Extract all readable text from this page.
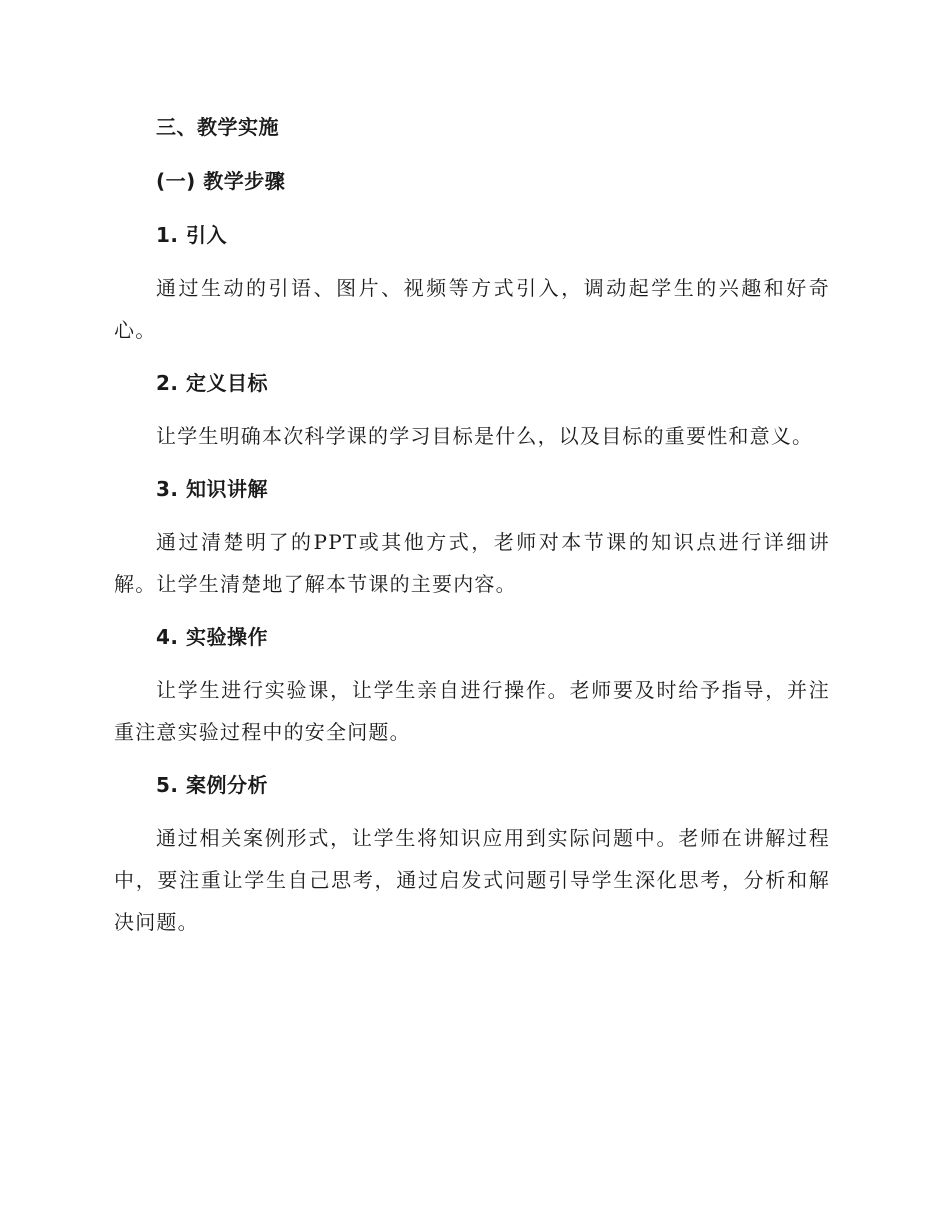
三、教学实施
(一) 教学步骤
1. 引入

通过生动的引语、图片、视频等方式引入，调动起学生的兴趣和好奇心。

2. 定义目标

让学生明确本次科学课的学习目标是什么，以及目标的重要性和意义。

3. 知识讲解

通过清楚明了的PPT或其他方式，老师对本节课的知识点进行详细讲解。让学生清楚地了解本节课的主要内容。

4. 实验操作

让学生进行实验课，让学生亲自进行操作。老师要及时给予指导，并注重注意实验过程中的安全问题。

5. 案例分析

通过相关案例形式，让学生将知识应用到实际问题中。老师在讲解过程中，要注重让学生自己思考，通过启发式问题引导学生深化思考，分析和解决问题。
